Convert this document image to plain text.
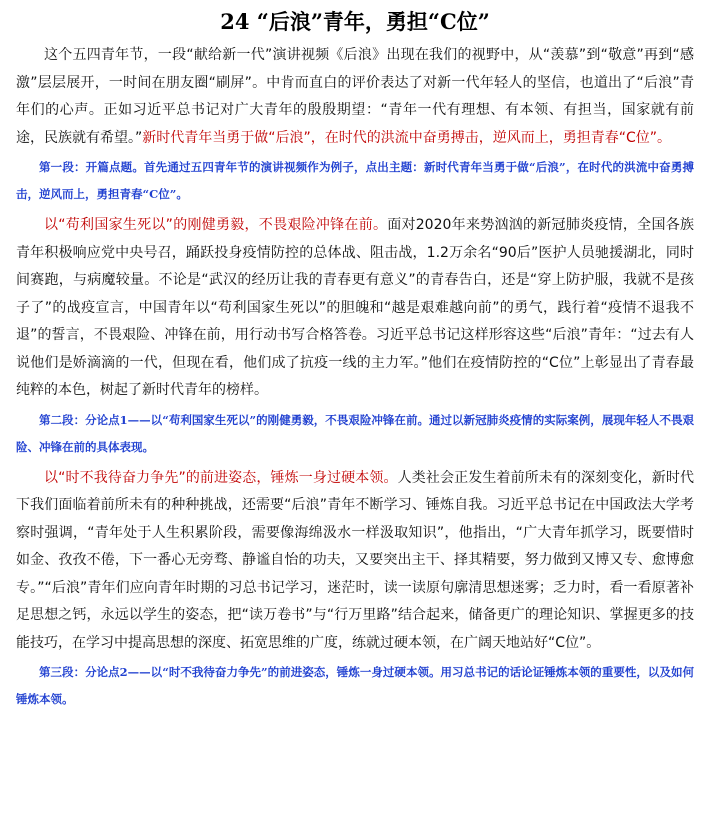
24 “后浪”青年，勇担“C位”

这个五四青年节，一段“献给新一代”演讲视频《后浪》出现在我们的视野中，从“羡慕”到“敬意”再到“感激”层层展开，一时间在朋友圈“刷屏”。中肯而直白的评价表达了对新一代年轻人的坚信，也道出了“后浪”青年们的心声。正如习近平总书记对广大青年的殷殷期望：“青年一代有理想、有本领、有担当，国家就有前途，民族就有希望。”新时代青年当勇于做“后浪”，在时代的洪流中奋勇搏击，逆风而上，勇担青春“C位”。

第一段：开篇点题。首先通过五四青年节的演讲视频作为例子，点出主题：新时代青年当勇于做“后浪”，在时代的洪流中奋勇搏击，逆风而上，勇担青春“C位”。

以“苟利国家生死以”的刚健勇毅，不畏艰险冲锋在前。面对2020年来势汹汹的新冠肺炎疫情，全国各族青年积极响应党中央号召，踊跃投身疫情防控的总体战、阻击战，1.2万余名“90后”医护人员驰援湖北，同时间赛跑，与病魔较量。不论是“武汉的经历让我的青春更有意义”的青春告白，还是“穿上防护服，我就不是孩子了”的战疫宣言，中国青年以“苟利国家生死以”的胆魄和“越是艰难越向前”的勇气，践行着“疫情不退我不退”的誓言，不畏艰险、冲锋在前，用行动书写合格答卷。习近平总书记这样形容这些“后浪”青年：“过去有人说他们是娇滴滴的一代，但现在看，他们成了抗疫一线的主力军。”他们在疫情防控的“C位”上彰显出了青春最纯粹的本色，树起了新时代青年的榜样。

第二段：分论点1——以“苟利国家生死以”的刚健勇毅，不畏艰险冲锋在前。通过以新冠肺炎疫情的实际案例，展现年轻人不畏艰险、冲锋在前的具体表现。

以“时不我待奋力争先”的前进姿态，锤炼一身过硬本领。人类社会正发生着前所未有的深刻变化，新时代下我们面临着前所未有的种种挑战，还需要“后浪”青年不断学习、锤炼自我。习近平总书记在中国政法大学考察时强调，“青年处于人生积累阶段，需要像海绵汲水一样汲取知识”，他指出，“广大青年抓学习，既要惜时如金、孜孜不倦，下一番心无旁骛、静谧自怡的功夫，又要突出主干、择其精要，努力做到又博又专、愈博愈专。”“后浪”青年们应向青年时期的习总书记学习，迷茫时，读一读原句廓清思想迷雾；乏力时，看一看原著补足思想之钙，永远以学生的姿态，把“读万卷书”与“行万里路”结合起来，储备更广的理论知识、掌握更多的技能技巧，在学习中提高思想的深度、拓宽思维的广度，练就过硬本领，在广阔天地站好“C位”。

第三段：分论点2——以“时不我待奋力争先”的前进姿态，锤炼一身过硬本领。用习总书记的话论证锤炼本领的重要性，以及如何锤炼本领。
